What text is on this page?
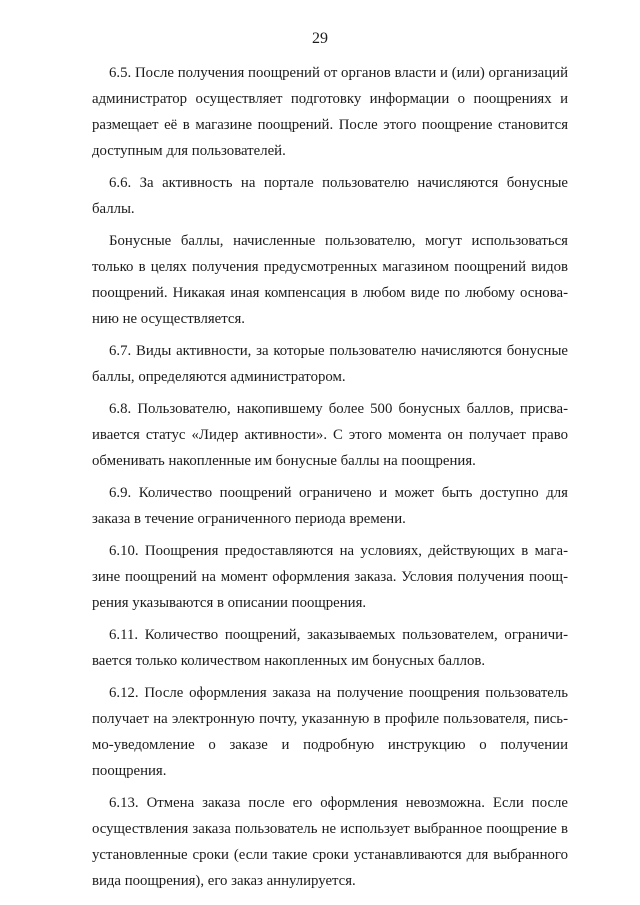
29

6.5. После получения поощрений от органов власти и (или) организаций администратор осуществляет подготовку информации о поощрениях и размещает её в магазине поощрений. После этого поощрение становится доступным для пользователей.

6.6. За активность на портале пользователю начисляются бонусные баллы.

Бонусные баллы, начисленные пользователю, могут использоваться только в целях получения предусмотренных магазином поощрений видов поощрений. Никакая иная компенсация в любом виде по любому основанию не осуществляется.

6.7. Виды активности, за которые пользователю начисляются бонусные баллы, определяются администратором.

6.8. Пользователю, накопившему более 500 бонусных баллов, присваивается статус «Лидер активности». С этого момента он получает право обменивать накопленные им бонусные баллы на поощрения.

6.9. Количество поощрений ограничено и может быть доступно для заказа в течение ограниченного периода времени.

6.10. Поощрения предоставляются на условиях, действующих в магазине поощрений на момент оформления заказа. Условия получения поощрения указываются в описании поощрения.

6.11. Количество поощрений, заказываемых пользователем, ограничивается только количеством накопленных им бонусных баллов.

6.12. После оформления заказа на получение поощрения пользователь получает на электронную почту, указанную в профиле пользователя, письмо-уведомление о заказе и подробную инструкцию о получении поощрения.

6.13. Отмена заказа после его оформления невозможна. Если после осуществления заказа пользователь не использует выбранное поощрение в установленные сроки (если такие сроки устанавливаются для выбранного вида поощрения), его заказ аннулируется.
